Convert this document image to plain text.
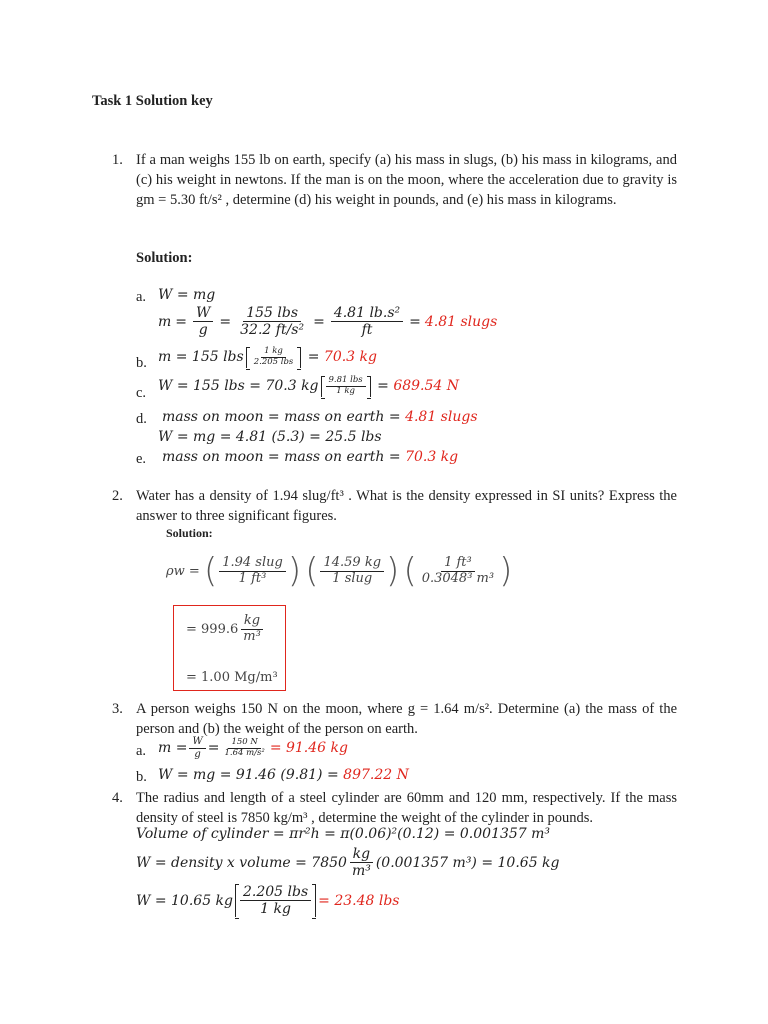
Task 1 Solution key
1. If a man weighs 155 lb on earth, specify (a) his mass in slugs, (b) his mass in kilograms, and (c) his weight in newtons. If the man is on the moon, where the acceleration due to gravity is gm = 5.30 ft/s² , determine (d) his weight in pounds, and (e) his mass in kilograms.
Solution:
a. W = mg
$m = \frac{W}{g} = \frac{\text{155 lbs}}{\text{32.2 ft/s²}} = \frac{\text{4.81 lb.s²}}{ft} = 4.81$ slugs
b. m = 155 lbs $\frac{1 kg}{\text{2.205 lbs}} = 70.3$ kg
c. W = 155 lbs = 70.3 kg $\frac{\text{9.81 lbs}}{1 kg} = 689.54$ N
d. mass on moon = mass on earth = 4.81 slugs
W = mg = 4.81 (5.3) = 25.5 lbs
e. mass on moon = mass on earth = 70.3 kg
2. Water has a density of 1.94 slug/ft³ . What is the density expressed in SI units? Express the answer to three significant figures.
Solution:
ρw =
( $\frac{\text{1.94 slug}}{\text{1 ft³}}$ )
( $\frac{14.59 kg}{\text{1 slug}}$ )
( $\frac{\text{1 ft³}}{\text{0.3048³ m³}}$ )
= $999.6 \frac{kg}{\text{m³}}$
= 1.00 Mg/m³
3. A person weighs 150 N on the moon, where g = 1.64 m/s². Determine (a) the mass of the person and (b) the weight of the person on earth.
a. $m = \frac{W}{g} = \frac{150 N}{\text{1.64 m/s²}} = 91.46$ kg
b. W = mg = 91.46 (9.81) = 897.22 N
4. The radius and length of a steel cylinder are 60mm and 120 mm, respectively. If the mass density of steel is 7850 kg/m³ , determine the weight of the cylinder in pounds.
Volume of cylinder = πr²h = π(0.06)²(0.12) = 0.001357 m³
W = density x volume = $7850 \frac{kg}{\text{m³}} (0.001357$ m³) = 10.65 kg
W = 10.65 kg $\frac{\text{2.205 lbs}}{1 kg} = 23.48$ lbs
